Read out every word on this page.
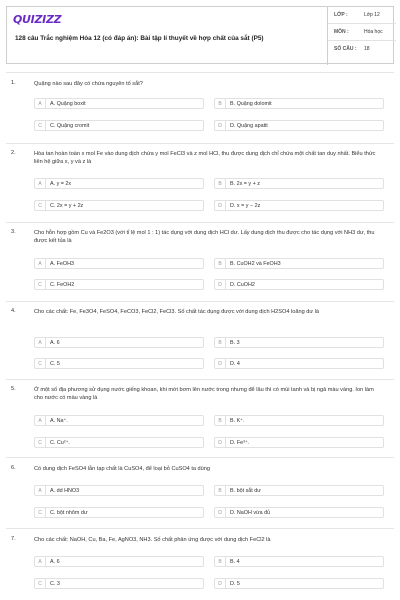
QUIZIZZ
128 câu Trắc nghiệm Hóa 12 (có đáp án): Bài tập lí thuyết về hợp chất của sắt (P5)
LỚP :	Lớp 12
MÔN :	Hóa học
SỐ CÂU :	18
1.	Quặng nào sau đây có chứa nguyên tố sắt?
A	A. Quặng boxit	B	B. Quặng dolomit
C	C. Quặng cromit	D	D. Quặng apatit
2.	Hòa tan hoàn toàn x mol Fe vào dung dịch chứa y mol FeCl3 và z mol HCl, thu được dung dịch chỉ chứa một chất tan duy nhất. Biểu thức liên hệ giữa x, y và z là
A	A. y = 2x	B	B. 2x = y + z
C	C. 2x = y + 2z	D	D. x = y − 2z
3.	Cho hỗn hợp gồm Cu và Fe2O3 (với tỉ lệ mol 1 : 1) tác dụng với dung dịch HCl dư. Lấy dung dịch thu được cho tác dụng với NH3 dư, thu được kết tủa là
A	A. FeOH3	B	B. CuOH2 và FeOH3
C	C. FeOH2	D	D. CuOH2
4.	Cho các chất: Fe, Fe3O4, FeSO4, FeCO3, FeCl2, FeCl3. Số chất tác dụng được với dung dịch H2SO4 loãng dư là
A	A. 6	B	B. 3
C	C. 5	D	D. 4
5.	Ở một số địa phương sử dụng nước giếng khoan, khi mới bơm lên nước trong nhưng để lâu thì có mùi tanh và bị ngả màu vàng. Ion làm cho nước có màu vàng là
A	A. Na⁺.	B	B. K⁺.
C	C. Cu²⁺.	D	D. Fe³⁺.
6.	Có dung dịch FeSO4 lẫn tạp chất là CuSO4, để loại bỏ CuSO4 ta dùng
A	A. dd HNO3	B	B. bột sắt dư
C	C. bột nhôm dư	D	D. NaOH vừa đủ
7.	Cho các chất: NaOH, Cu, Ba, Fe, AgNO3, NH3. Số chất phản ứng được với dung dịch FeCl2 là
A	A. 6	B	B. 4
C	C. 3	D	D. 5
